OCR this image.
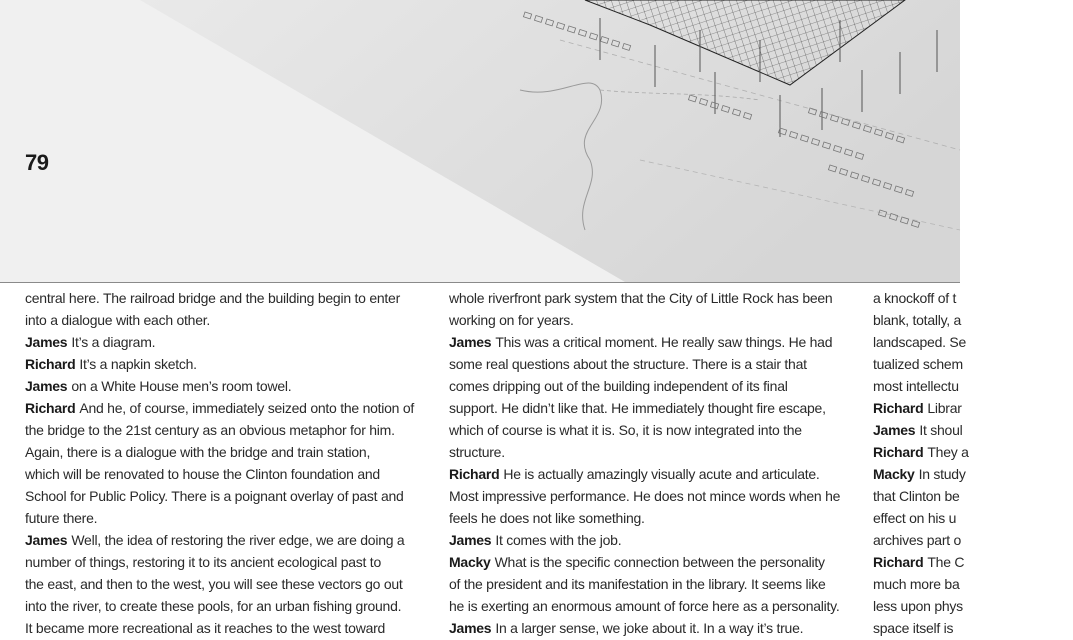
79
central here. The railroad bridge and the building begin to enter
into a dialogue with each other.
James It’s a diagram.
Richard It’s a napkin sketch.
James on a White House men’s room towel.
Richard And he, of course, immediately seized onto the notion of
the bridge to the 21st century as an obvious metaphor for him.
Again, there is a dialogue with the bridge and train station,
which will be renovated to house the Clinton foundation and
School for Public Policy. There is a poignant overlay of past and
future there.
James Well, the idea of restoring the river edge, we are doing a
number of things, restoring it to its ancient ecological past to
the east, and then to the west, you will see these vectors go out
into the river, to create these pools, for an urban fishing ground.
It became more recreational as it reaches to the west toward
whole riverfront park system that the City of Little Rock has been
working on for years.
James This was a critical moment. He really saw things. He had
some real questions about the structure. There is a stair that
comes dripping out of the building independent of its final
support. He didn’t like that. He immediately thought fire escape,
which of course is what it is. So, it is now integrated into the
structure.
Richard He is actually amazingly visually acute and articulate.
Most impressive performance. He does not mince words when he
feels he does not like something.
James It comes with the job.
Macky What is the specific connection between the personality
of the president and its manifestation in the library. It seems like
he is exerting an enormous amount of force here as a personality.
James In a larger sense, we joke about it. In a way it’s true.
a knockoff of t
blank, totally, a
landscaped. Se
tualized schem
most intellectu
Richard Librar
James It shoul
Richard They a
Macky In study
that Clinton be
effect on his u
archives part o
Richard The C
much more ba
less upon phys
space itself is
